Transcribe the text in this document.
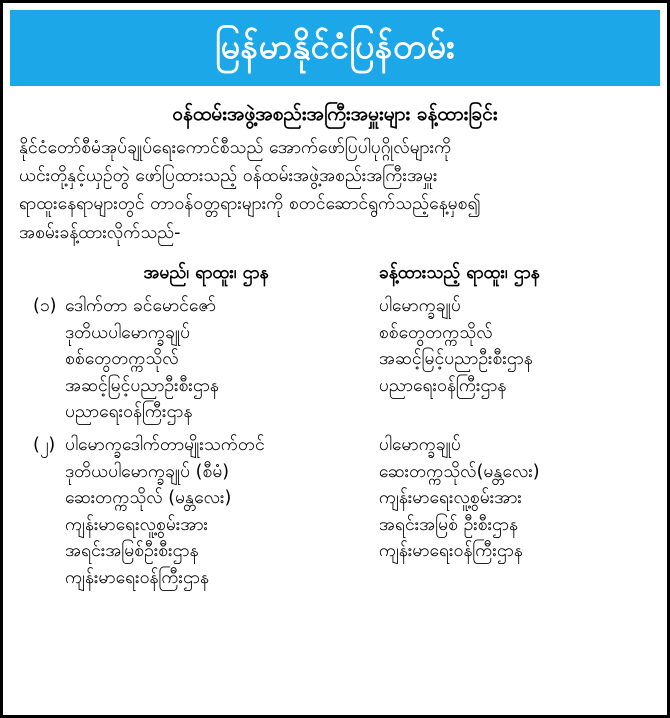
မြန်မာနိုင်ငံပြန်တမ်း
ဝန်ထမ်းအဖွဲ့အစည်းအကြီးအမှူးများ ခန့်ထားခြင်း
နိုင်ငံတော်စီမံအုပ်ချုပ်ရေးကောင်စီသည် အောက်ဖော်ပြပါပုဂ္ဂိုလ်များကို
ယင်းတို့နှင့်ယှဉ်တွဲ ဖော်ပြထားသည့် ဝန်ထမ်းအဖွဲ့အစည်းအကြီးအမှူး
ရာထူးနေရာများတွင် တာဝန်ဝတ္တရားများကို စတင်ဆောင်ရွက်သည့်နေ့မှစ၍
အစမ်းခန့်ထားလိုက်သည်-
အမည်၊ ရာထူး၊ ဌာန	ခန့်ထားသည့် ရာထူး၊ ဌာန
(၁) ဒေါက်တာ ခင်မောင်ဇော်
ဒုတိယပါမောက္ခချုပ်
စစ်တွေတက္ကသိုလ်
အဆင့်မြင့်ပညာဦးစီးဌာန
ပညာရေးဝန်ကြီးဌာန
ပါမောက္ခချုပ်
စစ်တွေတက္ကသိုလ်
အဆင့်မြင့်ပညာဦးစီးဌာန
ပညာရေးဝန်ကြီးဌာန
(၂) ပါမောက္ခဒေါက်တာမျိုးသက်တင်
ဒုတိယပါမောက္ခချုပ် (စီမံ)
ဆေးတက္ကသိုလ် (မန္တလေး)
ကျန်းမာရေးလူ့စွမ်းအား
အရင်းအမြစ်ဦးစီးဌာန
ကျန်းမာရေးဝန်ကြီးဌာန
ပါမောက္ခချုပ်
ဆေးတက္ကသိုလ်(မန္တလေး)
ကျန်းမာရေးလူ့စွမ်းအား
အရင်းအမြစ် ဦးစီးဌာန
ကျန်းမာရေးဝန်ကြီးဌာန
